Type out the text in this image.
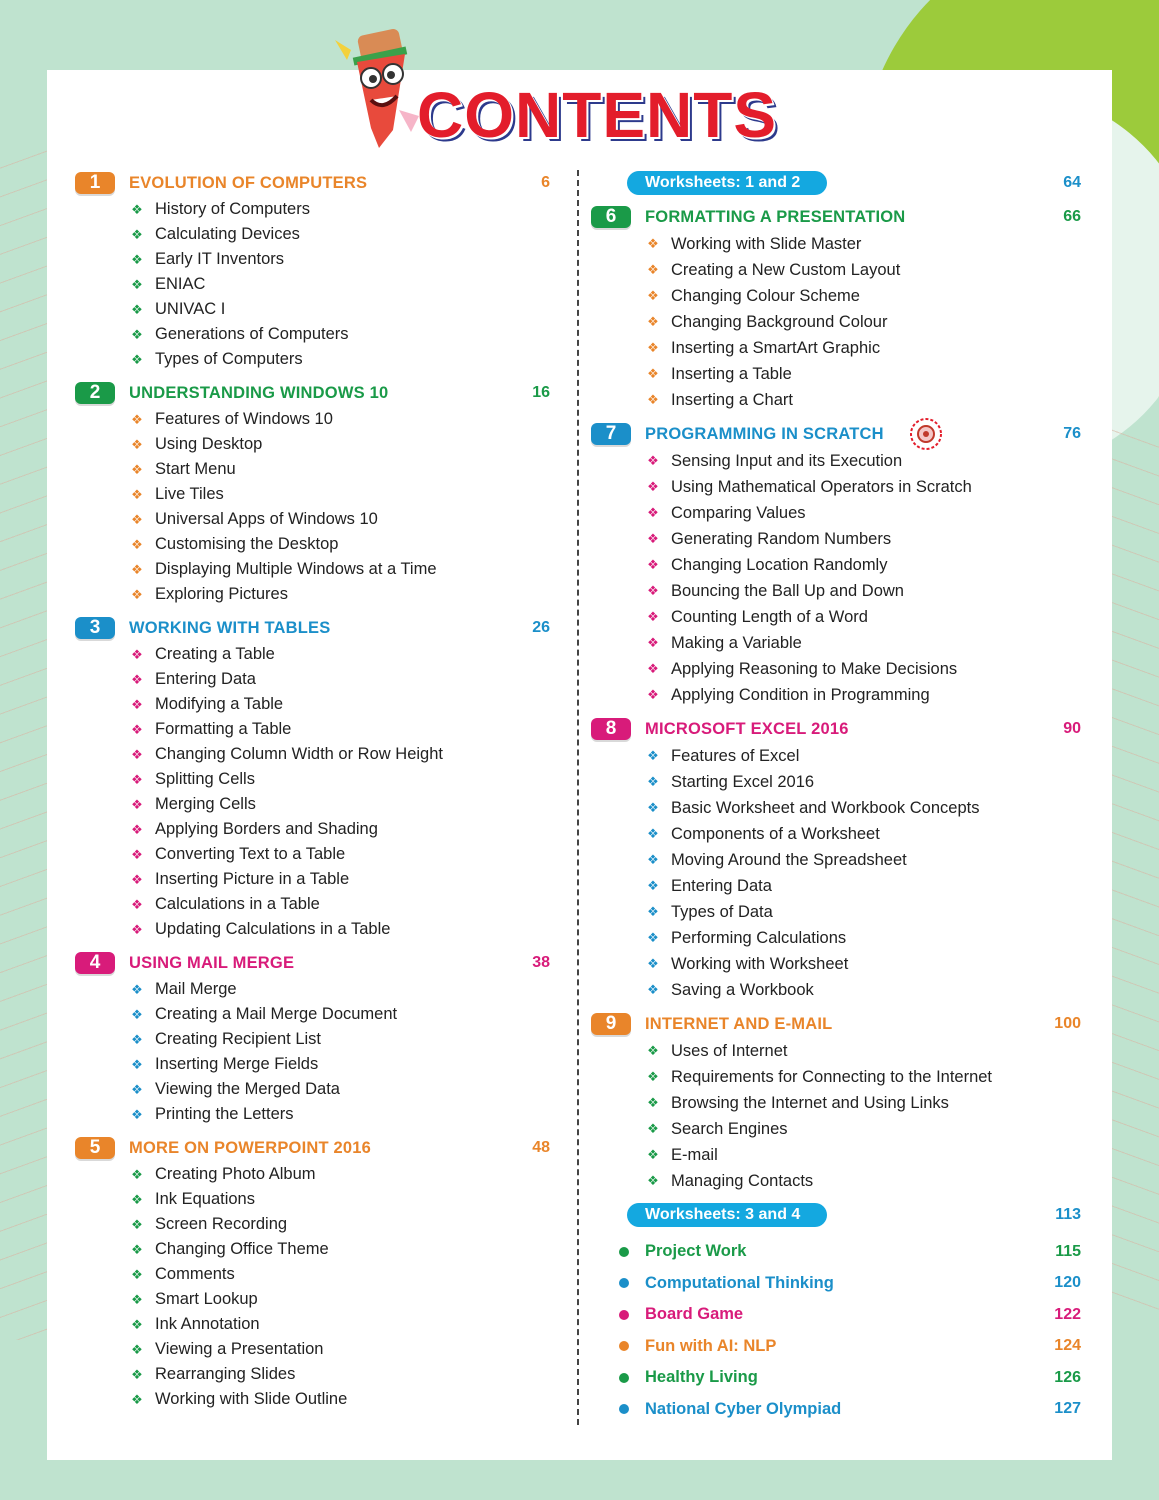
CONTENTS
1	EVOLUTION OF COMPUTERS	6
❖ History of Computers
❖ Calculating Devices
❖ Early IT Inventors
❖ ENIAC
❖ UNIVAC I
❖ Generations of Computers
❖ Types of Computers
2	UNDERSTANDING WINDOWS 10	16
❖ Features of Windows 10
❖ Using Desktop
❖ Start Menu
❖ Live Tiles
❖ Universal Apps of Windows 10
❖ Customising the Desktop
❖ Displaying Multiple Windows at a Time
❖ Exploring Pictures
3	WORKING WITH TABLES	26
❖ Creating a Table
❖ Entering Data
❖ Modifying a Table
❖ Formatting a Table
❖ Changing Column Width or Row Height
❖ Splitting Cells
❖ Merging Cells
❖ Applying Borders and Shading
❖ Converting Text to a Table
❖ Inserting Picture in a Table
❖ Calculations in a Table
❖ Updating Calculations in a Table
4	USING MAIL MERGE	38
❖ Mail Merge
❖ Creating a Mail Merge Document
❖ Creating Recipient List
❖ Inserting Merge Fields
❖ Viewing the Merged Data
❖ Printing the Letters
5	MORE ON POWERPOINT 2016	48
❖ Creating Photo Album
❖ Ink Equations
❖ Screen Recording
❖ Changing Office Theme
❖ Comments
❖ Smart Lookup
❖ Ink Annotation
❖ Viewing a Presentation
❖ Rearranging Slides
❖ Working with Slide Outline
Worksheets: 1 and 2	64
6	FORMATTING A PRESENTATION	66
❖ Working with Slide Master
❖ Creating a New Custom Layout
❖ Changing Colour Scheme
❖ Changing Background Colour
❖ Inserting a SmartArt Graphic
❖ Inserting a Table
❖ Inserting a Chart
7	PROGRAMMING IN SCRATCH	76
❖ Sensing Input and its Execution
❖ Using Mathematical Operators in Scratch
❖ Comparing Values
❖ Generating Random Numbers
❖ Changing Location Randomly
❖ Bouncing the Ball Up and Down
❖ Counting Length of a Word
❖ Making a Variable
❖ Applying Reasoning to Make Decisions
❖ Applying Condition in Programming
8	MICROSOFT EXCEL 2016	90
❖ Features of Excel
❖ Starting Excel 2016
❖ Basic Worksheet and Workbook Concepts
❖ Components of a Worksheet
❖ Moving Around the Spreadsheet
❖ Entering Data
❖ Types of Data
❖ Performing Calculations
❖ Working with Worksheet
❖ Saving a Workbook
9	INTERNET AND E-MAIL	100
❖ Uses of Internet
❖ Requirements for Connecting to the Internet
❖ Browsing the Internet and Using Links
❖ Search Engines
❖ E-mail
❖ Managing Contacts
Worksheets: 3 and 4	113
Project Work	115
Computational Thinking	120
Board Game	122
Fun with AI: NLP	124
Healthy Living	126
National Cyber Olympiad	127
